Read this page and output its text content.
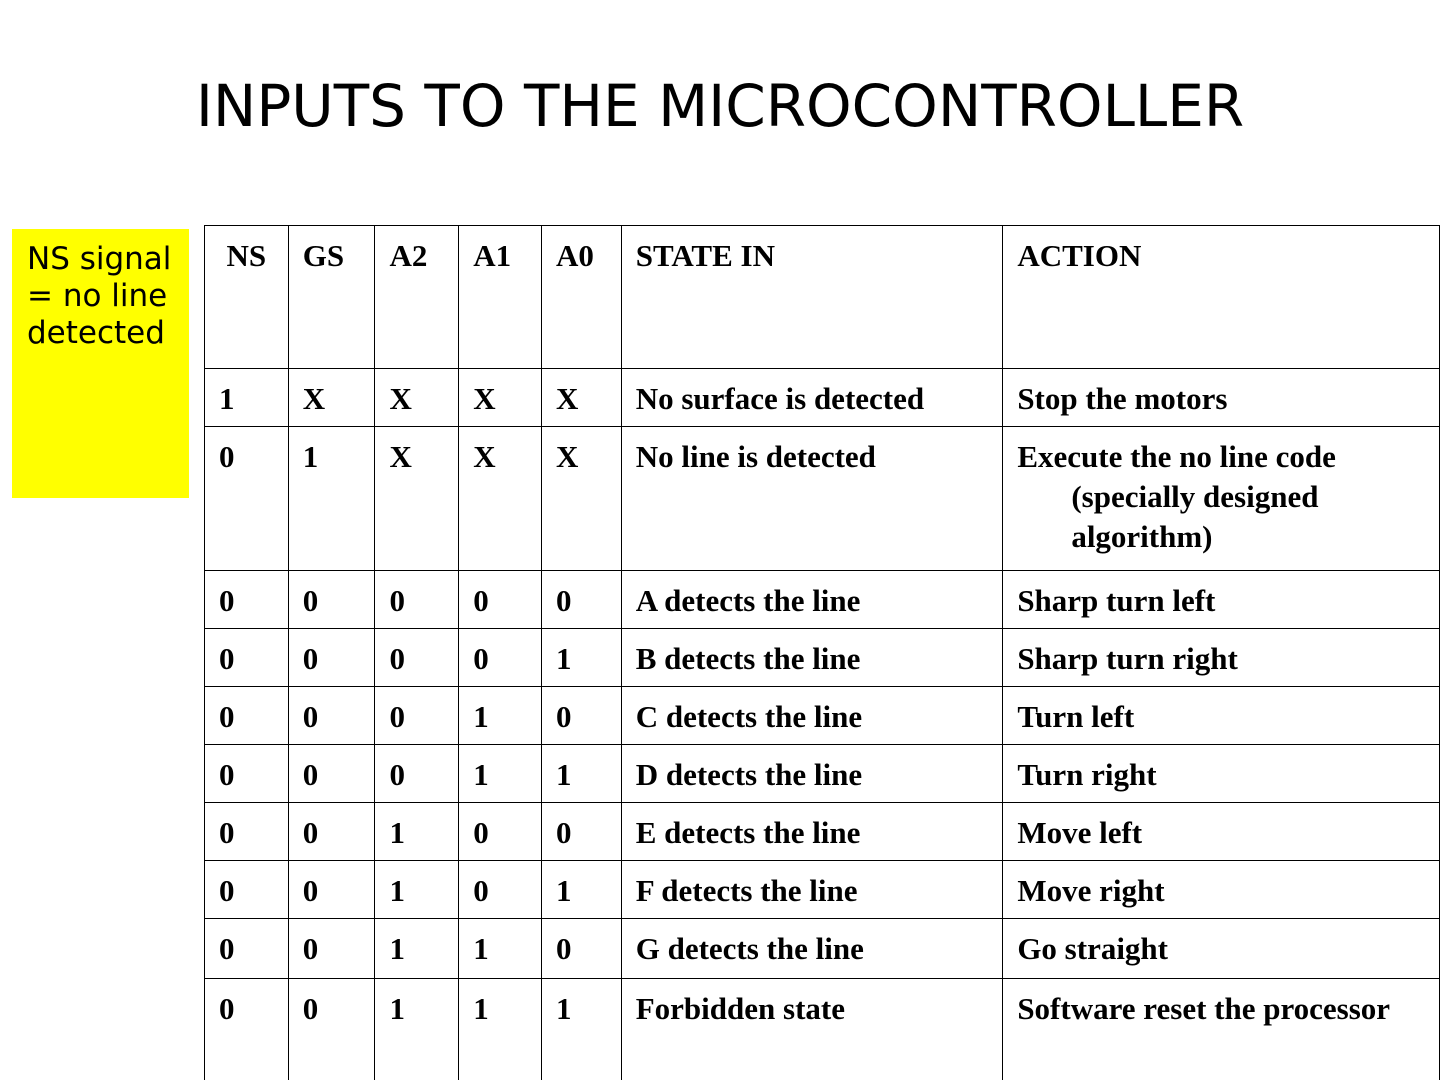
INPUTS TO THE MICROCONTROLLER
NS signal = no line detected
NS	GS	A2	A1	A0	STATE IN	ACTION
1	X	X	X	X	No surface is detected	Stop the motors
0	1	X	X	X	No line is detected	Execute the no line code (specially designed algorithm)

0	0	0	0	0	A detects the line	Sharp turn left
0	0	0	0	1	B detects the line	Sharp turn right
0	0	0	1	0	C detects the line	Turn left
0	0	0	1	1	D detects the line	Turn right
0	0	1	0	0	E detects the line	Move left
0	0	1	0	1	F detects the line	Move right
0	0	1	1	0	G detects the line	Go straight
0	0	1	1	1	Forbidden state	Software reset the processor
